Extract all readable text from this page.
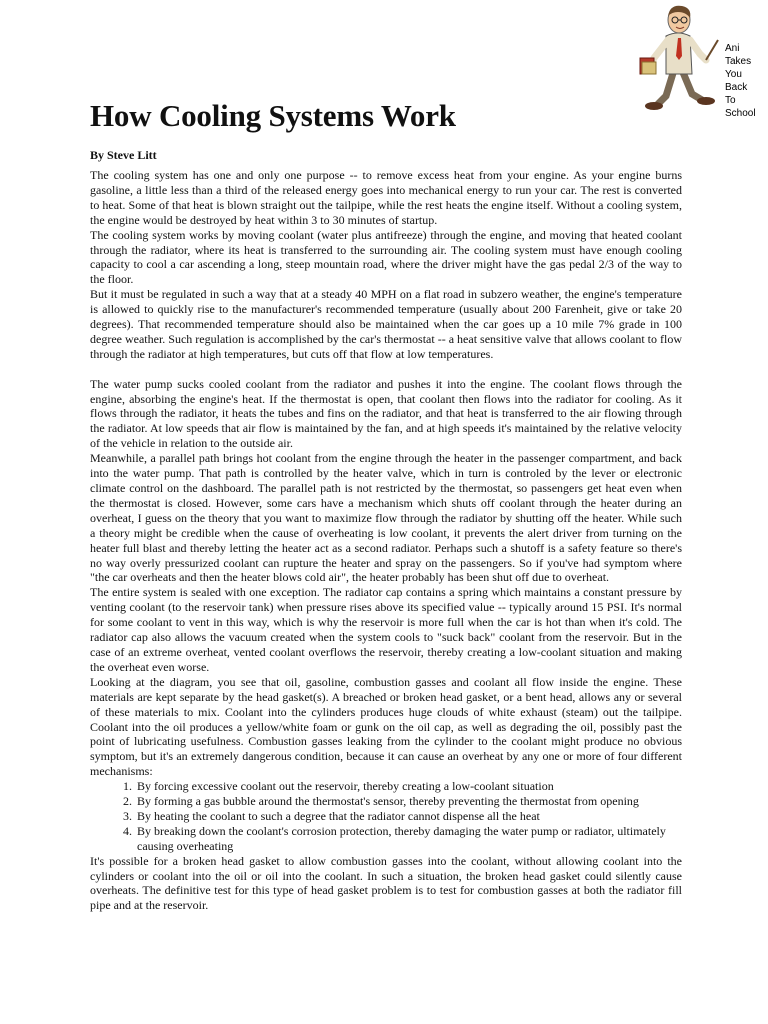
Ani
Takes
You
Back
To
School
How Cooling Systems Work

By Steve Litt

The cooling system has one and only one purpose -- to remove excess heat from your engine. As your engine burns gasoline, a little less than a third of the released energy goes into mechanical energy to run your car. The rest is converted to heat. Some of that heat is blown straight out the tailpipe, while the rest heats the engine itself. Without a cooling system, the engine would be destroyed by heat within 3 to 30 minutes of startup.

The cooling system works by moving coolant (water plus antifreeze) through the engine, and moving that heated coolant through the radiator, where its heat is transferred to the surrounding air. The cooling system must have enough cooling capacity to cool a car ascending a long, steep mountain road, where the driver might have the gas pedal 2/3 of the way to the floor.

But it must be regulated in such a way that at a steady 40 MPH on a flat road in subzero weather, the engine's temperature is allowed to quickly rise to the manufacturer's recommended temperature (usually about 200 Farenheit, give or take 20 degrees). That recommended temperature should also be maintained when the car goes up a 10 mile 7% grade in 100 degree weather. Such regulation is accomplished by the car's thermostat -- a heat sensitive valve that allows coolant to flow through the radiator at high temperatures, but cuts off that flow at low temperatures.

The water pump sucks cooled coolant from the radiator and pushes it into the engine. The coolant flows through the engine, absorbing the engine's heat. If the thermostat is open, that coolant then flows into the radiator for cooling. As it flows through the radiator, it heats the tubes and fins on the radiator, and that heat is transferred to the air flowing through the radiator. At low speeds that air flow is maintained by the fan, and at high speeds it's maintained by the relative velocity of the vehicle in relation to the outside air.

Meanwhile, a parallel path brings hot coolant from the engine through the heater in the passenger compartment, and back into the water pump. That path is controlled by the heater valve, which in turn is controled by the lever or electronic climate control on the dashboard. The parallel path is not restricted by the thermostat, so passengers get heat even when the thermostat is closed. However, some cars have a mechanism which shuts off coolant through the heater during an overheat, I guess on the theory that you want to maximize flow through the radiator by shutting off the heater. While such a theory might be credible when the cause of overheating is low coolant, it prevents the alert driver from turning on the heater full blast and thereby letting the heater act as a second radiator. Perhaps such a shutoff is a safety feature so there's no way overly pressurized coolant can rupture the heater and spray on the passengers. So if you've had symptom where "the car overheats and then the heater blows cold air", the heater probably has been shut off due to overheat.

The entire system is sealed with one exception. The radiator cap contains a spring which maintains a constant pressure by venting coolant (to the reservoir tank) when pressure rises above its specified value -- typically around 15 PSI. It's normal for some coolant to vent in this way, which is why the reservoir is more full when the car is hot than when it's cold. The radiator cap also allows the vacuum created when the system cools to "suck back" coolant from the reservoir. But in the case of an extreme overheat, vented coolant overflows the reservoir, thereby creating a low-coolant situation and making the overheat even worse.

Looking at the diagram, you see that oil, gasoline, combustion gasses and coolant all flow inside the engine. These materials are kept separate by the head gasket(s). A breached or broken head gasket, or a bent head, allows any or several of these materials to mix. Coolant into the cylinders produces huge clouds of white exhaust (steam) out the tailpipe. Coolant into the oil produces a yellow/white foam or gunk on the oil cap, as well as degrading the oil, possibly past the point of lubricating usefulness. Combustion gasses leaking from the cylinder to the coolant might produce no obvious symptom, but it's an extremely dangerous condition, because it can cause an overheat by any one or more of four different mechanisms:

1. By forcing excessive coolant out the reservoir, thereby creating a low-coolant situation
2. By forming a gas bubble around the thermostat's sensor, thereby preventing the thermostat from opening
3. By heating the coolant to such a degree that the radiator cannot dispense all the heat
4. By breaking down the coolant's corrosion protection, thereby damaging the water pump or radiator, ultimately causing overheating

It's possible for a broken head gasket to allow combustion gasses into the coolant, without allowing coolant into the cylinders or coolant into the oil or oil into the coolant. In such a situation, the broken head gasket could silently cause overheats. The definitive test for this type of head gasket problem is to test for combustion gasses at both the radiator fill pipe and at the reservoir.
